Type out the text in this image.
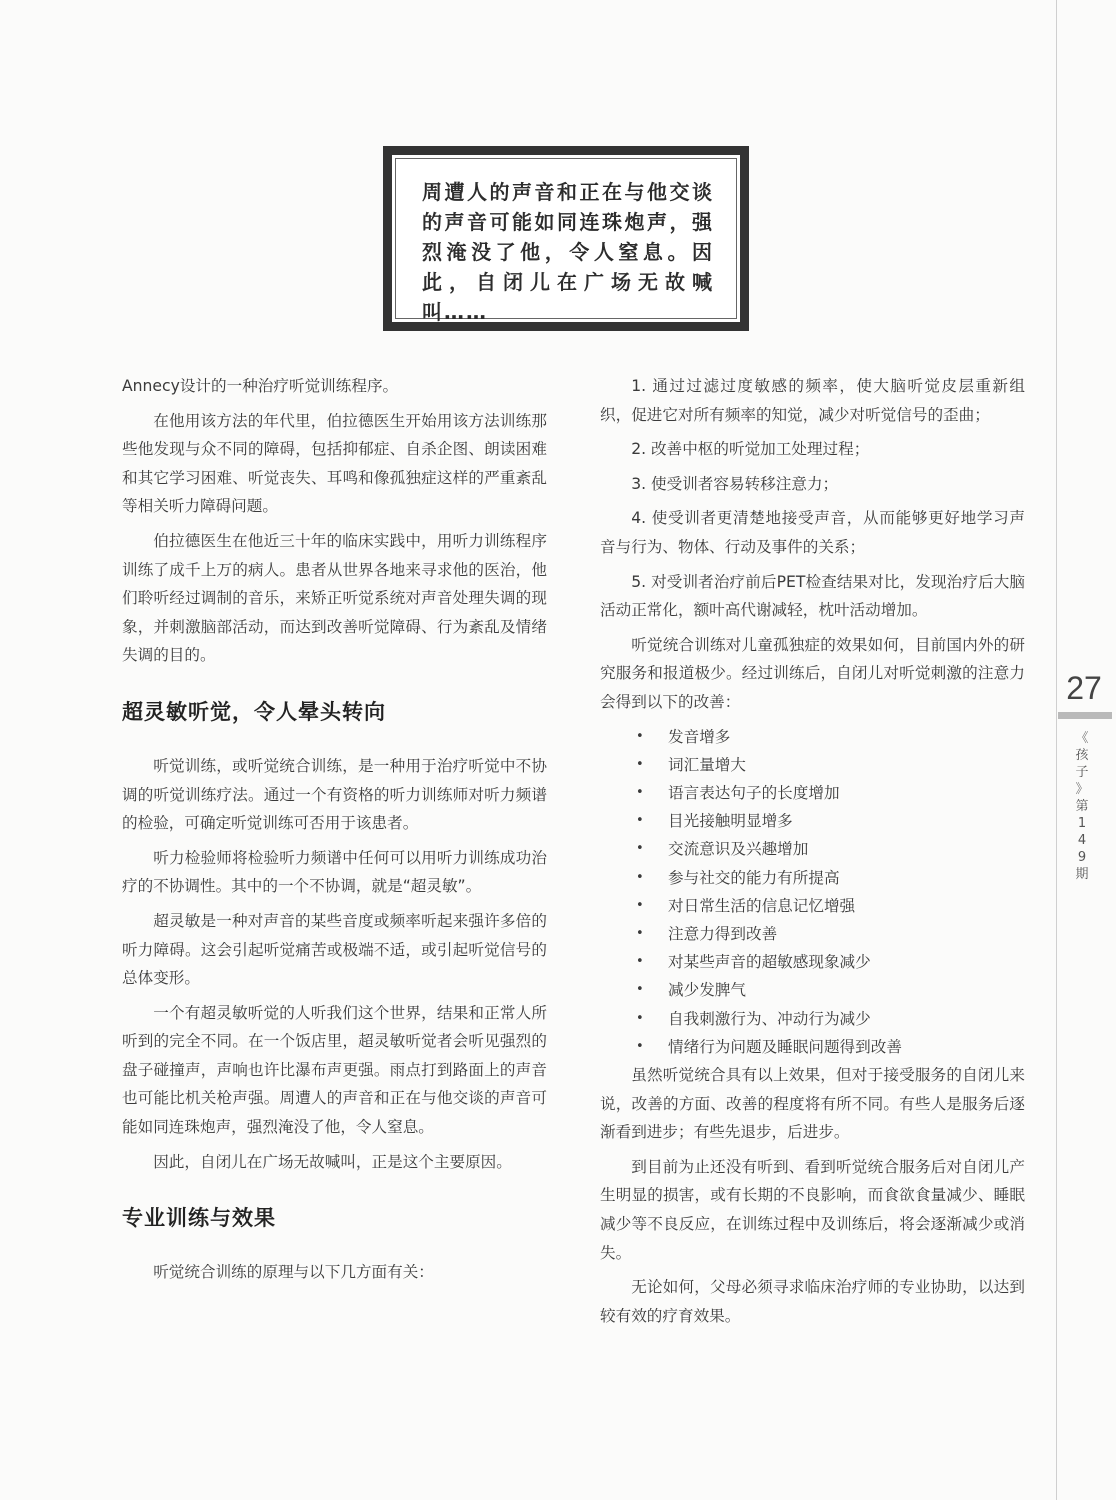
周遭人的声音和正在与他交谈的声音可能如同连珠炮声，强烈淹没了他，令人窒息。因此，自闭儿在广场无故喊叫……

Annecy设计的一种治疗听觉训练程序。

在他用该方法的年代里，伯拉德医生开始用该方法训练那些他发现与众不同的障碍，包括抑郁症、自杀企图、朗读困难和其它学习困难、听觉丧失、耳鸣和像孤独症这样的严重紊乱等相关听力障碍问题。

伯拉德医生在他近三十年的临床实践中，用听力训练程序训练了成千上万的病人。患者从世界各地来寻求他的医治，他们聆听经过调制的音乐，来矫正听觉系统对声音处理失调的现象，并刺激脑部活动，而达到改善听觉障碍、行为紊乱及情绪失调的目的。

超灵敏听觉，令人晕头转向

听觉训练，或听觉统合训练，是一种用于治疗听觉中不协调的听觉训练疗法。通过一个有资格的听力训练师对听力频谱的检验，可确定听觉训练可否用于该患者。

听力检验师将检验听力频谱中任何可以用听力训练成功治疗的不协调性。其中的一个不协调，就是“超灵敏”。

超灵敏是一种对声音的某些音度或频率听起来强许多倍的听力障碍。这会引起听觉痛苦或极端不适，或引起听觉信号的总体变形。

一个有超灵敏听觉的人听我们这个世界，结果和正常人所听到的完全不同。在一个饭店里，超灵敏听觉者会听见强烈的盘子碰撞声，声响也许比瀑布声更强。雨点打到路面上的声音也可能比机关枪声强。周遭人的声音和正在与他交谈的声音可能如同连珠炮声，强烈淹没了他，令人窒息。

因此，自闭儿在广场无故喊叫，正是这个主要原因。

专业训练与效果

听觉统合训练的原理与以下几方面有关：

1. 通过过滤过度敏感的频率，使大脑听觉皮层重新组织，促进它对所有频率的知觉，减少对听觉信号的歪曲；

2. 改善中枢的听觉加工处理过程；

3. 使受训者容易转移注意力；

4. 使受训者更清楚地接受声音，从而能够更好地学习声音与行为、物体、行动及事件的关系；

5. 对受训者治疗前后PET检查结果对比，发现治疗后大脑活动正常化，额叶高代谢减轻，枕叶活动增加。

听觉统合训练对儿童孤独症的效果如何，目前国内外的研究服务和报道极少。经过训练后，自闭儿对听觉刺激的注意力会得到以下的改善：

• 发音增多
• 词汇量增大
• 语言表达句子的长度增加
• 目光接触明显增多
• 交流意识及兴趣增加
• 参与社交的能力有所提高
• 对日常生活的信息记忆增强
• 注意力得到改善
• 对某些声音的超敏感现象减少
• 减少发脾气
• 自我刺激行为、冲动行为减少
• 情绪行为问题及睡眠问题得到改善

虽然听觉统合具有以上效果，但对于接受服务的自闭儿来说，改善的方面、改善的程度将有所不同。有些人是服务后逐渐看到进步；有些先退步，后进步。

到目前为止还没有听到、看到听觉统合服务后对自闭儿产生明显的损害，或有长期的不良影响，而食欲食量减少、睡眠减少等不良反应，在训练过程中及训练后，将会逐渐减少或消失。

无论如何，父母必须寻求临床治疗师的专业协助，以达到较有效的疗育效果。

27
《
孩
子
》
第
1
4
9
期
